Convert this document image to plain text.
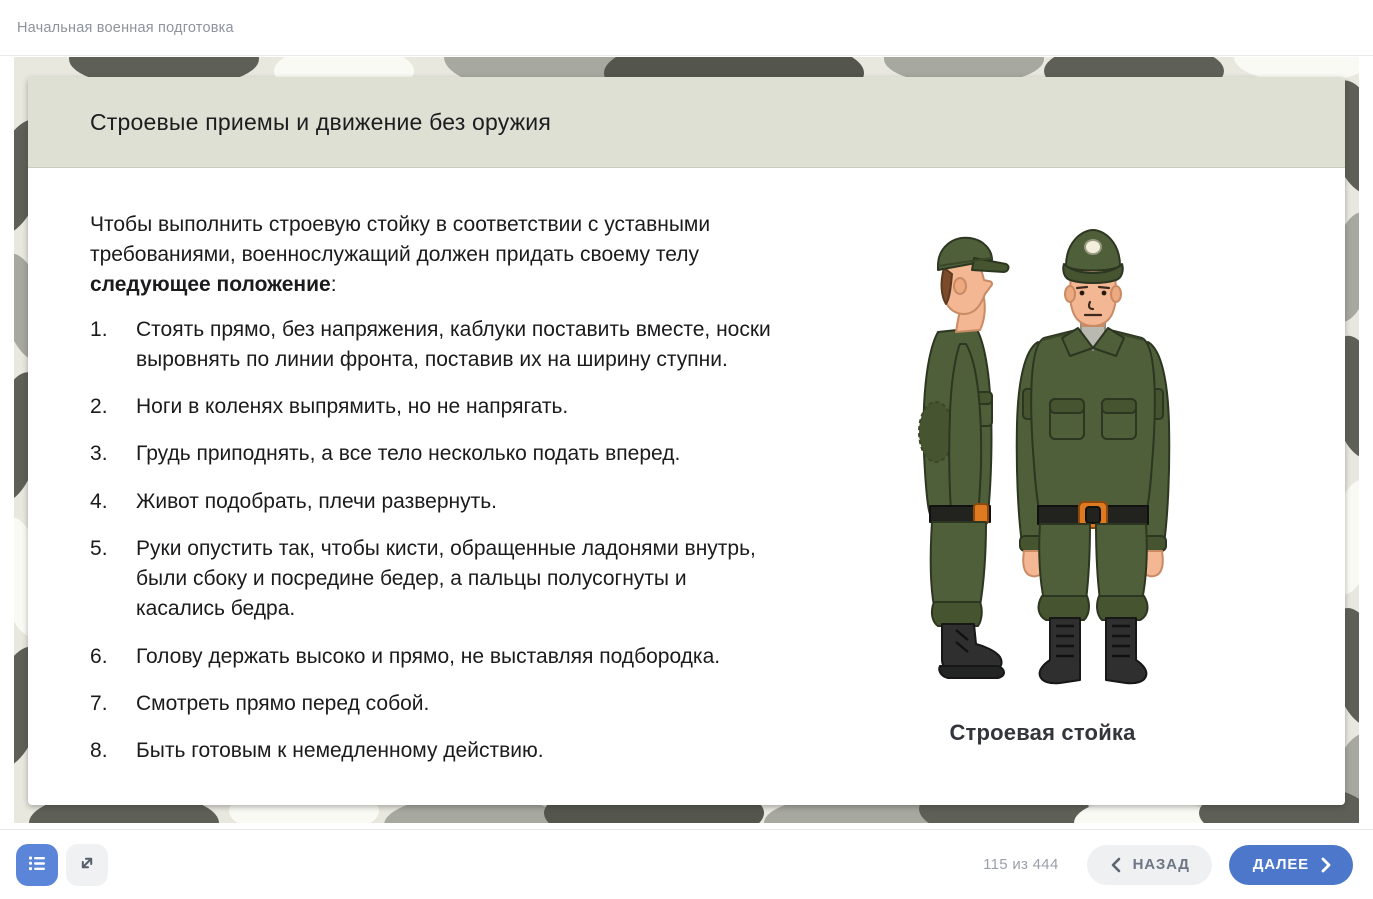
Начальная военная подготовка
Строевые приемы и движение без оружия

Чтобы выполнить строевую стойку в соответствии с уставными требованиями, военнослужащий должен придать своему телу следующее положение:

Стоять прямо, без напряжения, каблуки поставить вместе, носки выровнять по линии фронта, поставив их на ширину ступни.
Ноги в коленях выпрямить, но не напрягать.
Грудь приподнять, а все тело несколько подать вперед.
Живот подобрать, плечи развернуть.
Руки опустить так, чтобы кисти, обращенные ладонями внутрь, были сбоку и посредине бедер, а пальцы полусогнуты и касались бедра.
Голову держать высоко и прямо, не выставляя подбородка.
Смотреть прямо перед собой.
Быть готовым к немедленному действию.
Строевая стойка
115 из 444	НАЗАД	ДАЛЕЕ
